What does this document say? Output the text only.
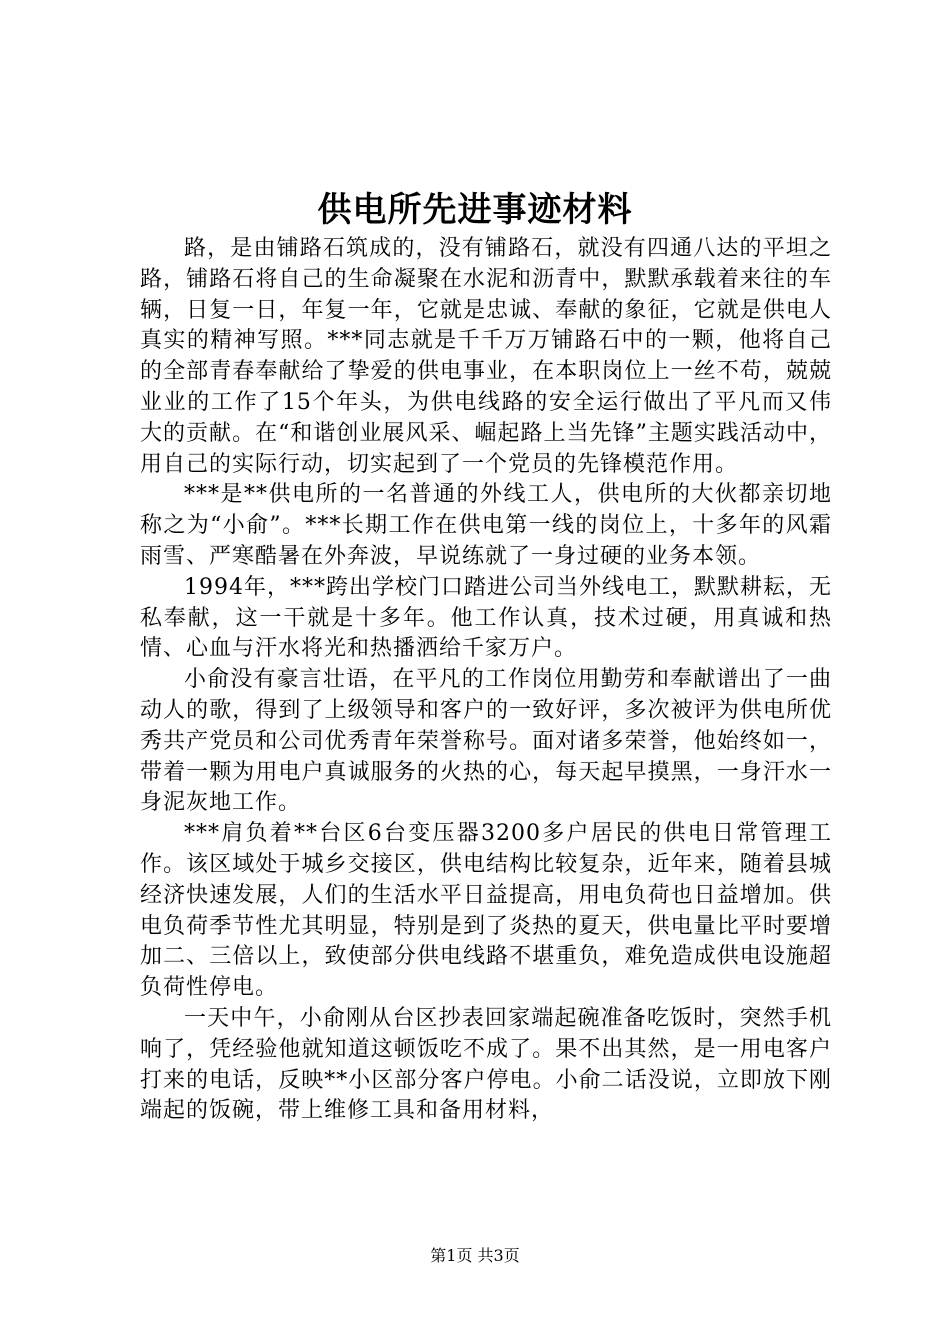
供电所先进事迹材料

路，是由铺路石筑成的，没有铺路石，就没有四通八达的平坦之路，铺路石将自己的生命凝聚在水泥和沥青中，默默承载着来往的车辆，日复一日，年复一年，它就是忠诚、奉献的象征，它就是供电人真实的精神写照。***同志就是千千万万铺路石中的一颗，他将自己的全部青春奉献给了挚爱的供电事业，在本职岗位上一丝不苟，兢兢业业的工作了15个年头，为供电线路的安全运行做出了平凡而又伟大的贡献。在“和谐创业展风采、崛起路上当先锋”主题实践活动中，用自己的实际行动，切实起到了一个党员的先锋模范作用。

***是**供电所的一名普通的外线工人，供电所的大伙都亲切地称之为“小俞”。***长期工作在供电第一线的岗位上，十多年的风霜雨雪、严寒酷暑在外奔波，早说练就了一身过硬的业务本领。

1994年，***跨出学校门口踏进公司当外线电工，默默耕耘，无私奉献，这一干就是十多年。他工作认真，技术过硬，用真诚和热情、心血与汗水将光和热播洒给千家万户。

小俞没有豪言壮语，在平凡的工作岗位用勤劳和奉献谱出了一曲动人的歌，得到了上级领导和客户的一致好评，多次被评为供电所优秀共产党员和公司优秀青年荣誉称号。面对诸多荣誉，他始终如一，带着一颗为用电户真诚服务的火热的心，每天起早摸黑，一身汗水一身泥灰地工作。

***肩负着**台区6台变压器3200多户居民的供电日常管理工作。该区域处于城乡交接区，供电结构比较复杂，近年来，随着县城经济快速发展，人们的生活水平日益提高，用电负荷也日益增加。供电负荷季节性尤其明显，特别是到了炎热的夏天，供电量比平时要增加二、三倍以上，致使部分供电线路不堪重负，难免造成供电设施超负荷性停电。

一天中午，小俞刚从台区抄表回家端起碗准备吃饭时，突然手机响了，凭经验他就知道这顿饭吃不成了。果不出其然，是一用电客户打来的电话，反映**小区部分客户停电。小俞二话没说，立即放下刚端起的饭碗，带上维修工具和备用材料，

第1页 共3页
